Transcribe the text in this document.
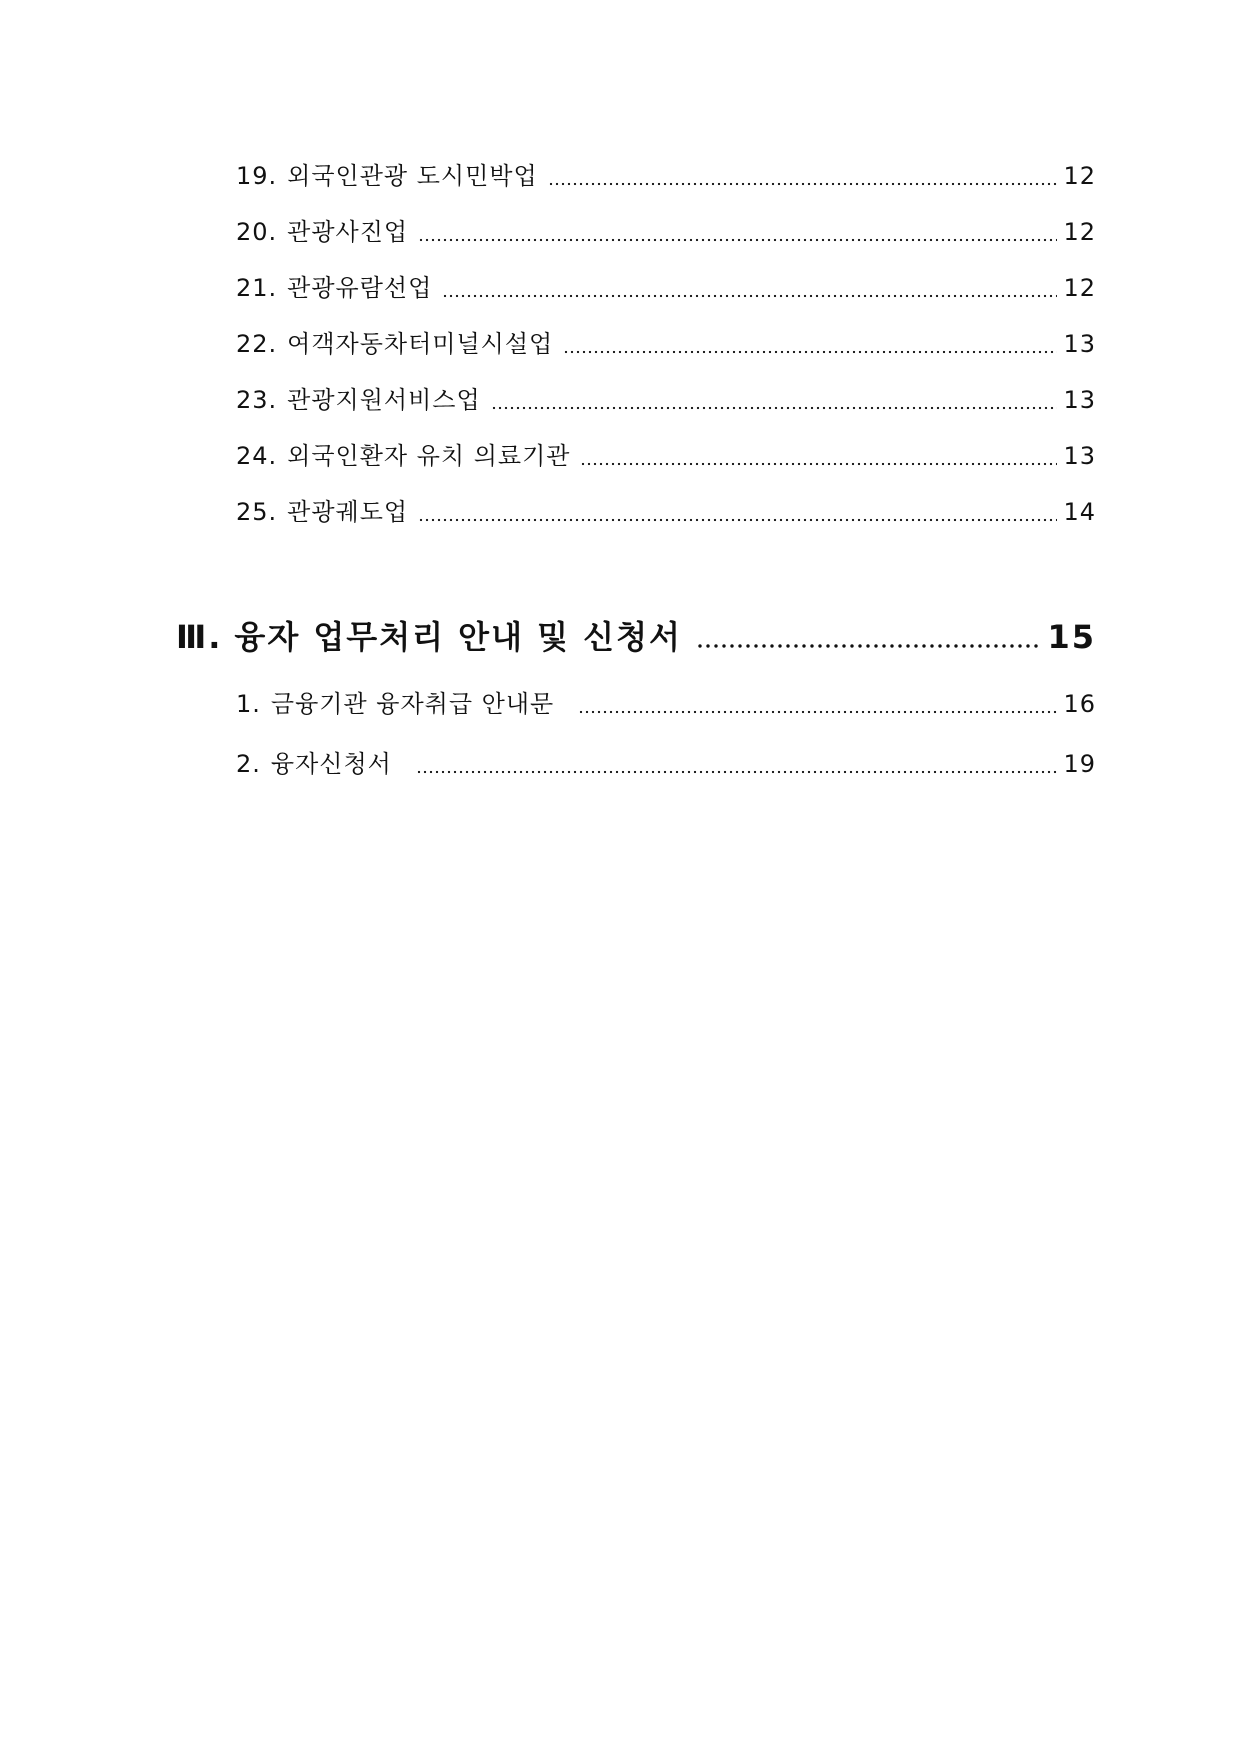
19. 외국인관광 도시민박업	12
20. 관광사진업	12
21. 관광유람선업	12
22. 여객자동차터미널시설업	13
23. 관광지원서비스업	13
24. 외국인환자 유치 의료기관	13
25. 관광궤도업	14
Ⅲ. 융자 업무처리 안내 및 신청서	15
1. 금융기관 융자취급 안내문	16
2. 융자신청서	19
